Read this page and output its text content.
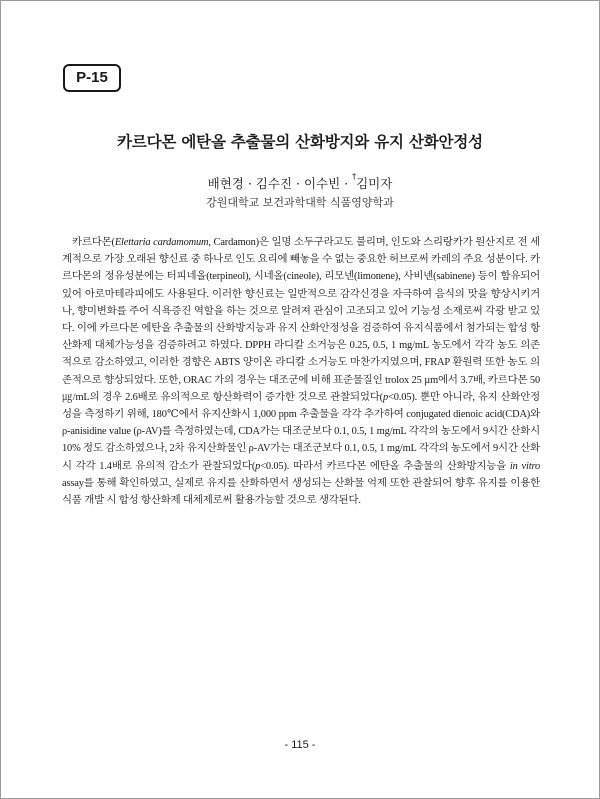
P-15
카르다몬 에탄올 추출물의 산화방지와 유지 산화안정성
배현경 · 김수진 · 이수빈 · †김미자
강원대학교 보건과학대학 식품영양학과

카르다몬(Elettaria cardamomum, Cardamon)은 일명 소두구라고도 불리며, 인도와 스리랑카가 원산지로 전 세계적으로 가장 오래된 향신료 중 하나로 인도 요리에 빼놓을 수 없는 중요한 허브로써 카레의 주요 성분이다. 카르다몬의 정유성분에는 터피네올(terpineol), 시네올(cineole), 리모넨(limonene), 사비넨(sabinene) 등이 함유되어 있어 아로마테라피에도 사용된다. 이러한 향신료는 일반적으로 감각신경을 자극하여 음식의 맛을 향상시키거나, 향미변화를 주어 식욕증진 역할을 하는 것으로 알려져 관심이 고조되고 있어 기능성 소재로써 각광 받고 있다. 이에 카르다몬 에탄올 추출물의 산화방지능과 유지 산화안정성을 검증하여 유지식품에서 첨가되는 합성 항산화제 대체가능성을 검증하려고 하였다. DPPH 라디칼 소거능은 0.25, 0.5, 1 mg/mL 농도에서 각각 농도 의존적으로 감소하였고, 이러한 경향은 ABTS 양이온 라디칼 소거능도 마찬가지였으며, FRAP 환원력 또한 농도 의존적으로 향상되었다. 또한, ORAC 가의 경우는 대조군에 비해 표준물질인 trolox 25 µm에서 3.7배, 카르다몬 50 ㎍/mL의 경우 2.6배로 유의적으로 항산화력이 증가한 것으로 관찰되었다(p<0.05). 뿐만 아니라, 유지 산화안정성을 측정하기 위해, 180℃에서 유지산화시 1,000 ppm 추출물을 각각 추가하여 conjugated dienoic acid(CDA)와 ρ-anisidine value (ρ-AV)를 측정하였는데, CDA가는 대조군보다 0.1, 0.5, 1 mg/mL 각각의 농도에서 9시간 산화시 10% 정도 감소하였으나, 2차 유지산화물인 ρ-AV가는 대조군보다 0.1, 0.5, 1 mg/mL 각각의 농도에서 9시간 산화시 각각 1.4배로 유의적 감소가 관찰되었다(p<0.05). 따라서 카르다몬 에탄올 추출물의 산화방지능을 in vitro assay를 통해 확인하였고, 실제로 유지를 산화하면서 생성되는 산화물 억제 또한 관찰되어 향후 유지를 이용한 식품 개발 시 합성 항산화제 대체제로써 활용가능할 것으로 생각된다.

- 115 -
